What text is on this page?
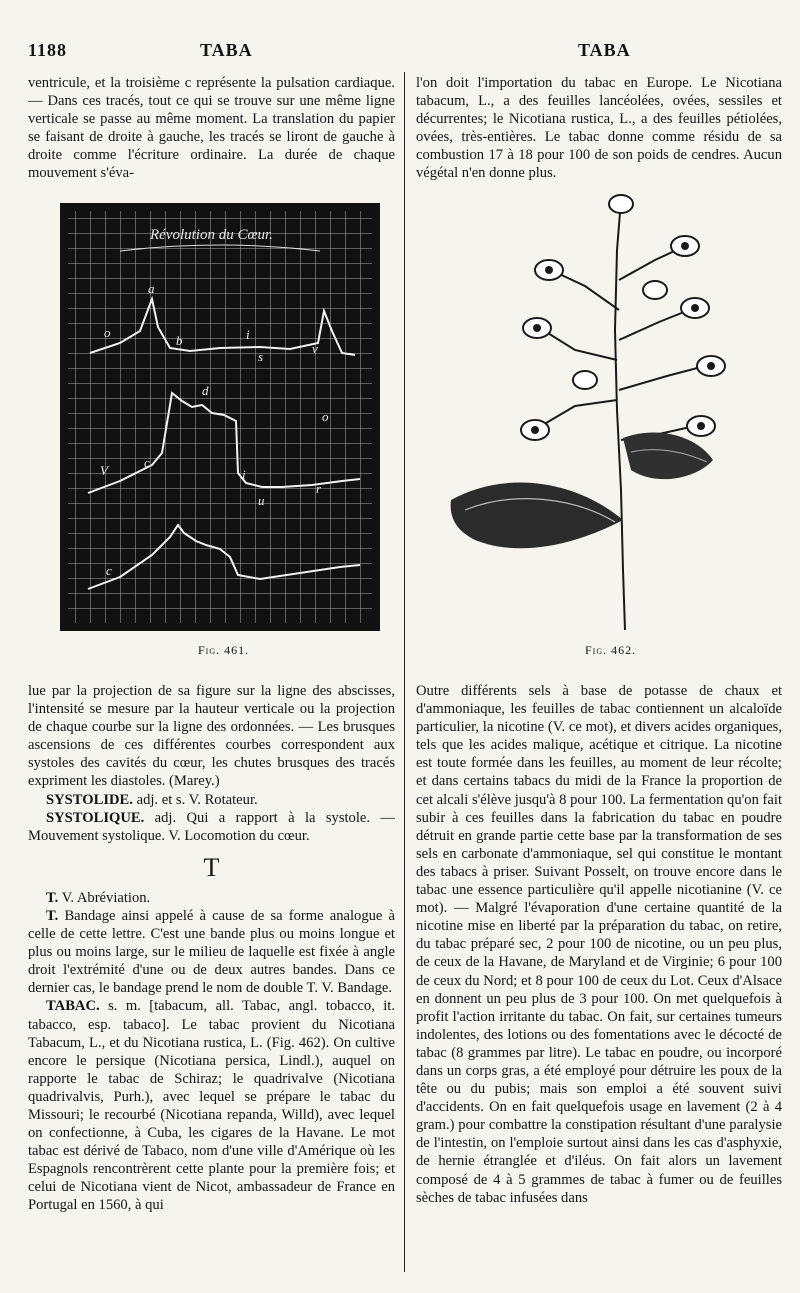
1188	TABA	TABA

ventricule, et la troisième c représente la pulsation cardiaque.— Dans ces tracés, tout ce qui se trouve sur une même ligne verticale se passe au même moment. La translation du papier se faisant de droite à gauche, les tracés se liront de gauche à droite comme l'écriture ordinaire. La durée de chaque mouvement s'éva-

Révolution du Cœur.
a
o
b	i
s
v
d
o
V
c
i
u
r
c
Fig. 461.	Fig. 462.

lue par la projection de sa figure sur la ligne des abscisses, l'intensité se mesure par la hauteur verticale ou la projection de chaque courbe sur la ligne des ordonnées. — Les brusques ascensions de ces différentes courbes correspondent aux systoles des cavités du cœur, les chutes brusques des tracés expriment les diastoles. (Marey.)

SYSTOLIDE. adj. et s. V. Rotateur.

SYSTOLIQUE. adj. Qui a rapport à la systole. — Mouvement systolique. V. Locomotion du cœur.

T

T. V. Abréviation.

T. Bandage ainsi appelé à cause de sa forme analogue à celle de cette lettre. C'est une bande plus ou moins longue et plus ou moins large, sur le milieu de laquelle est fixée à angle droit l'extrémité d'une ou de deux autres bandes. Dans ce dernier cas, le bandage prend le nom de double T. V. Bandage.

TABAC. s. m. [tabacum, all. Tabac, angl. tobacco, it. tabacco, esp. tabaco]. Le tabac provient du Nicotiana Tabacum, L., et du Nicotiana rustica, L. (Fig. 462). On cultive encore le persique (Nicotiana persica, Lindl.), auquel on rapporte le tabac de Schiraz; le quadrivalve (Nicotiana quadrivalvis, Purh.), avec lequel se prépare le tabac du Missouri; le recourbé (Nicotiana repanda, Willd), avec lequel on confectionne, à Cuba, les cigares de la Havane. Le mot tabac est dérivé de Tabaco, nom d'une ville d'Amérique où les Espagnols rencontrèrent cette plante pour la première fois; et celui de Nicotiana vient de Nicot, ambassadeur de France en Portugal en 1560, à qui

l'on doit l'importation du tabac en Europe. Le Nicotiana tabacum, L., a des feuilles lancéolées, ovées, sessiles et décurrentes; le Nicotiana rustica, L., a des feuilles pétiolées, ovées, très-entières. Le tabac donne comme résidu de sa combustion 17 à 18 pour 100 de son poids de cendres. Aucun végétal n'en donne plus.

Outre différents sels à base de potasse de chaux et d'ammoniaque, les feuilles de tabac contiennent un alcaloïde particulier, la nicotine (V. ce mot), et divers acides organiques, tels que les acides malique, acétique et citrique. La nicotine est toute formée dans les feuilles, au moment de leur récolte; et dans certains tabacs du midi de la France la proportion de cet alcali s'élève jusqu'à 8 pour 100. La fermentation qu'on fait subir à ces feuilles dans la fabrication du tabac en poudre détruit en grande partie cette base par la transformation de ses sels en carbonate d'ammoniaque, sel qui constitue le montant des tabacs à priser. Suivant Posselt, on trouve encore dans le tabac une essence particulière qu'il appelle nicotianine (V. ce mot). — Malgré l'évaporation d'une certaine quantité de la nicotine mise en liberté par la préparation du tabac, on retire, du tabac préparé sec, 2 pour 100 de nicotine, ou un peu plus, de ceux de la Havane, de Maryland et de Virginie; 6 pour 100 de ceux du Nord; et 8 pour 100 de ceux du Lot. Ceux d'Alsace en donnent un peu plus de 3 pour 100. On met quelquefois à profit l'action irritante du tabac. On fait, sur certaines tumeurs indolentes, des lotions ou des fomentations avec le décocté de tabac (8 grammes par litre). Le tabac en poudre, ou incorporé dans un corps gras, a été employé pour détruire les poux de la tête ou du pubis; mais son emploi a été souvent suivi d'accidents. On en fait quelquefois usage en lavement (2 à 4 gram.) pour combattre la constipation résultant d'une paralysie de l'intestin, on l'emploie surtout ainsi dans les cas d'asphyxie, de hernie étranglée et d'iléus. On fait alors un lavement composé de 4 à 5 grammes de tabac à fumer ou de feuilles sèches de tabac infusées dans
